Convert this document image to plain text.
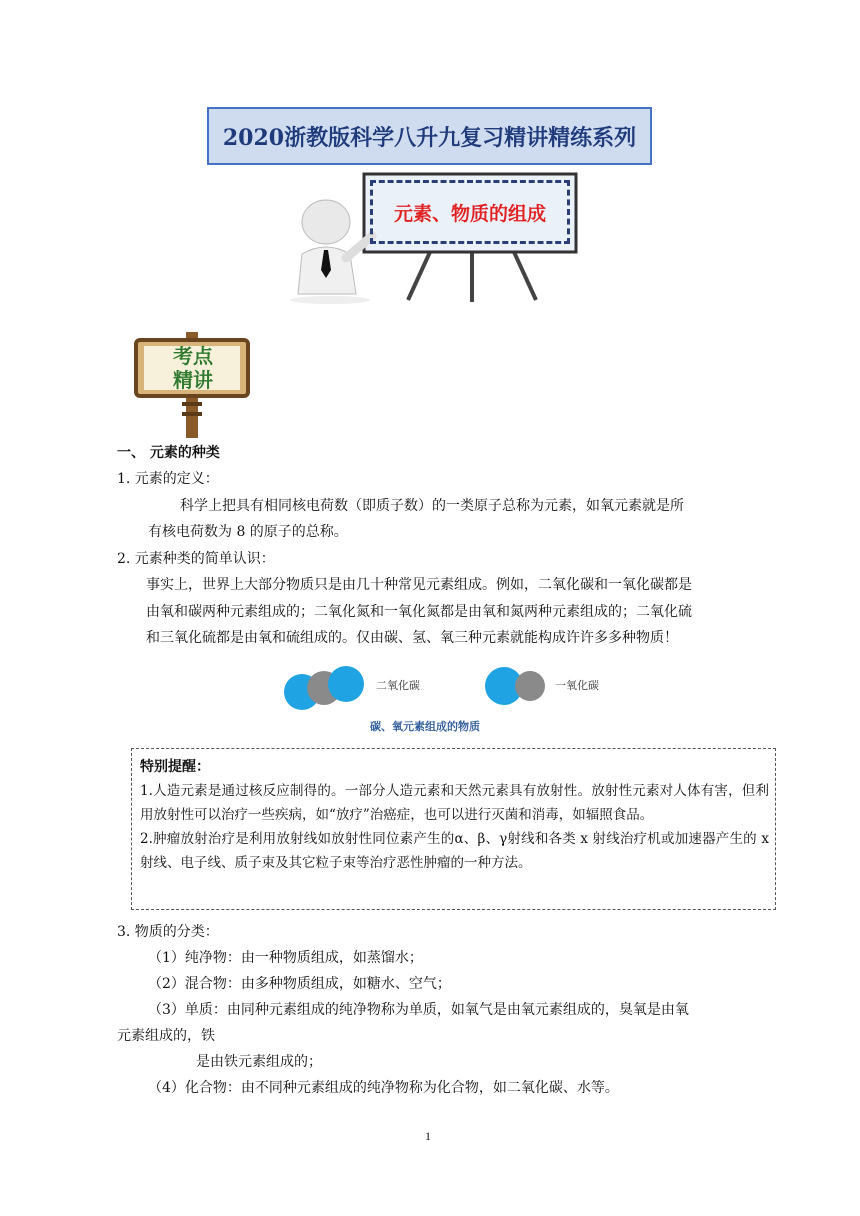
2020浙教版科学八升九复习精讲精练系列
元素、物质的组成
考点
精讲
一、 元素的种类
1. 元素的定义：
科学上把具有相同核电荷数（即质子数）的一类原子总称为元素，如氧元素就是所
有核电荷数为 8 的原子的总称。
2. 元素种类的简单认识：
事实上，世界上大部分物质只是由几十种常见元素组成。例如，二氧化碳和一氧化碳都是
由氧和碳两种元素组成的；二氧化氮和一氧化氮都是由氧和氮两种元素组成的；二氧化硫
和三氧化硫都是由氧和硫组成的。仅由碳、氢、氧三种元素就能构成许许多多种物质！
二氧化碳	一氧化碳
碳、氧元素组成的物质
特别提醒：

1.人造元素是通过核反应制得的。一部分人造元素和天然元素具有放射性。放射性元素对人体有害，但利用放射性可以治疗一些疾病，如“放疗”治癌症，也可以进行灭菌和消毒，如辐照食品。

2.肿瘤放射治疗是利用放射线如放射性同位素产生的α、β、γ射线和各类 x 射线治疗机或加速器产生的 x 射线、电子线、质子束及其它粒子束等治疗恶性肿瘤的一种方法。

3. 物质的分类：
（1）纯净物：由一种物质组成，如蒸馏水；
（2）混合物：由多种物质组成，如糖水、空气；
（3）单质：由同种元素组成的纯净物称为单质，如氧气是由氧元素组成的，臭氧是由氧
元素组成的，铁
是由铁元素组成的；
（4）化合物：由不同种元素组成的纯净物称为化合物，如二氧化碳、水等。
1
